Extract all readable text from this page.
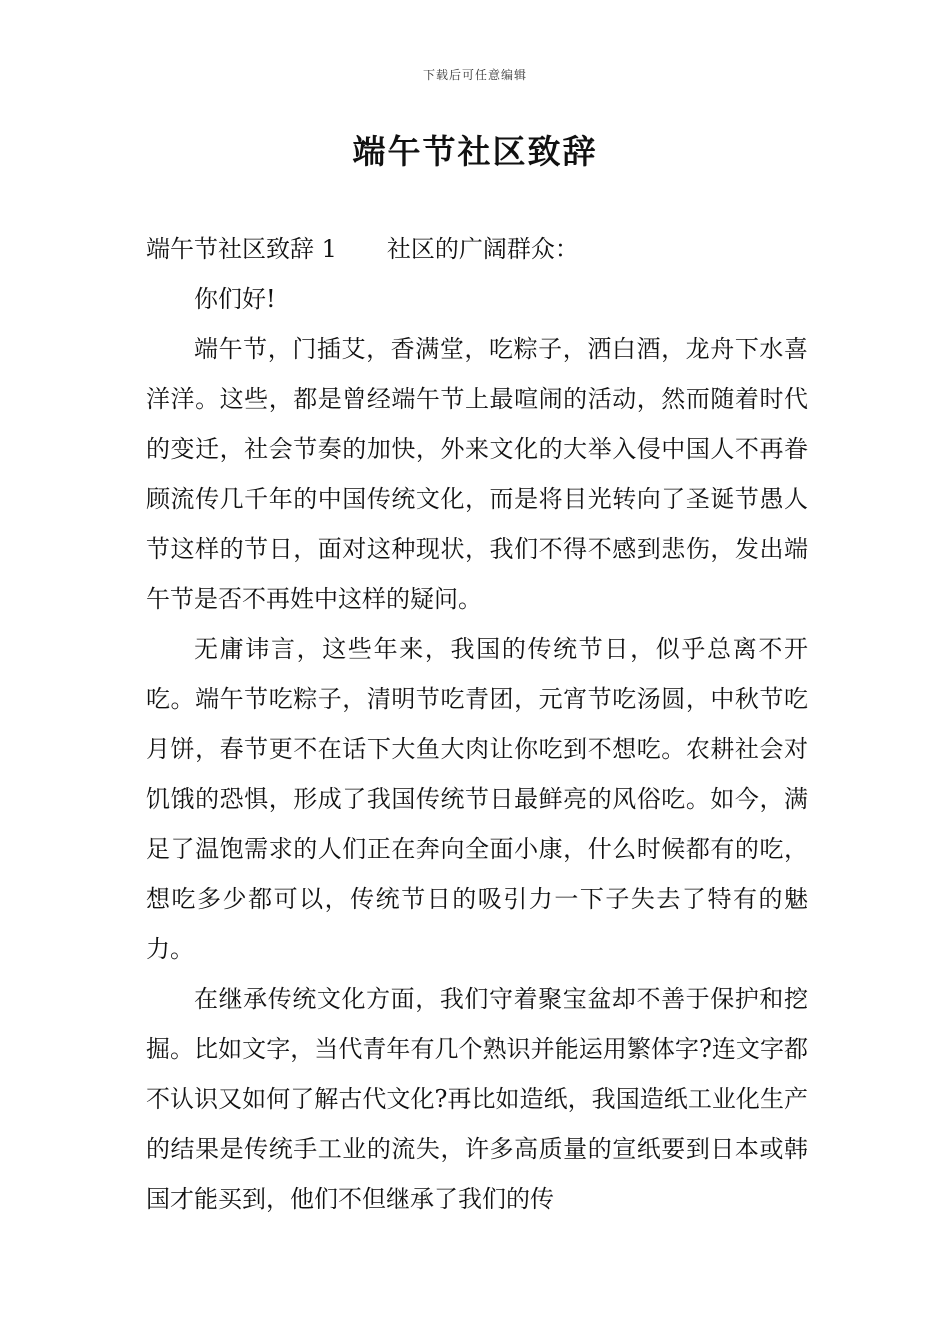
下载后可任意编辑
端午节社区致辞

端午节社区致辞 1 社区的广阔群众：

你们好!

端午节，门插艾，香满堂，吃粽子，洒白酒，龙舟下水喜洋洋。这些，都是曾经端午节上最喧闹的活动，然而随着时代的变迁，社会节奏的加快，外来文化的大举入侵中国人不再眷顾流传几千年的中国传统文化，而是将目光转向了圣诞节愚人节这样的节日，面对这种现状，我们不得不感到悲伤，发出端午节是否不再姓中这样的疑问。

无庸讳言，这些年来，我国的传统节日，似乎总离不开吃。端午节吃粽子，清明节吃青团，元宵节吃汤圆，中秋节吃月饼，春节更不在话下大鱼大肉让你吃到不想吃。农耕社会对饥饿的恐惧，形成了我国传统节日最鲜亮的风俗吃。如今，满足了温饱需求的人们正在奔向全面小康，什么时候都有的吃，想吃多少都可以，传统节日的吸引力一下子失去了特有的魅力。

在继承传统文化方面，我们守着聚宝盆却不善于保护和挖掘。比如文字，当代青年有几个熟识并能运用繁体字?连文字都不认识又如何了解古代文化?再比如造纸，我国造纸工业化生产的结果是传统手工业的流失，许多高质量的宣纸要到日本或韩国才能买到，他们不但继承了我们的传
